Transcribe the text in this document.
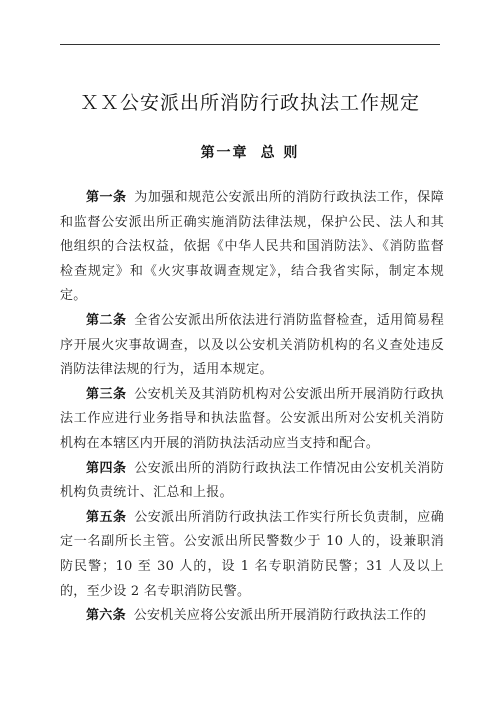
ＸＸ公安派出所消防行政执法工作规定
第一章 总 则

第一条 为加强和规范公安派出所的消防行政执法工作，保障和监督公安派出所正确实施消防法律法规，保护公民、法人和其他组织的合法权益，依据《中华人民共和国消防法》、《消防监督检查规定》和《火灾事故调查规定》，结合我省实际，制定本规定。

第二条 全省公安派出所依法进行消防监督检查，适用简易程序开展火灾事故调查，以及以公安机关消防机构的名义查处违反消防法律法规的行为，适用本规定。

第三条 公安机关及其消防机构对公安派出所开展消防行政执法工作应进行业务指导和执法监督。公安派出所对公安机关消防机构在本辖区内开展的消防执法活动应当支持和配合。

第四条 公安派出所的消防行政执法工作情况由公安机关消防机构负责统计、汇总和上报。

第五条 公安派出所消防行政执法工作实行所长负责制，应确定一名副所长主管。公安派出所民警数少于 10 人的，设兼职消防民警；10 至 30 人的，设 1 名专职消防民警；31 人及以上的，至少设 2 名专职消防民警。

第六条 公安机关应将公安派出所开展消防行政执法工作的
